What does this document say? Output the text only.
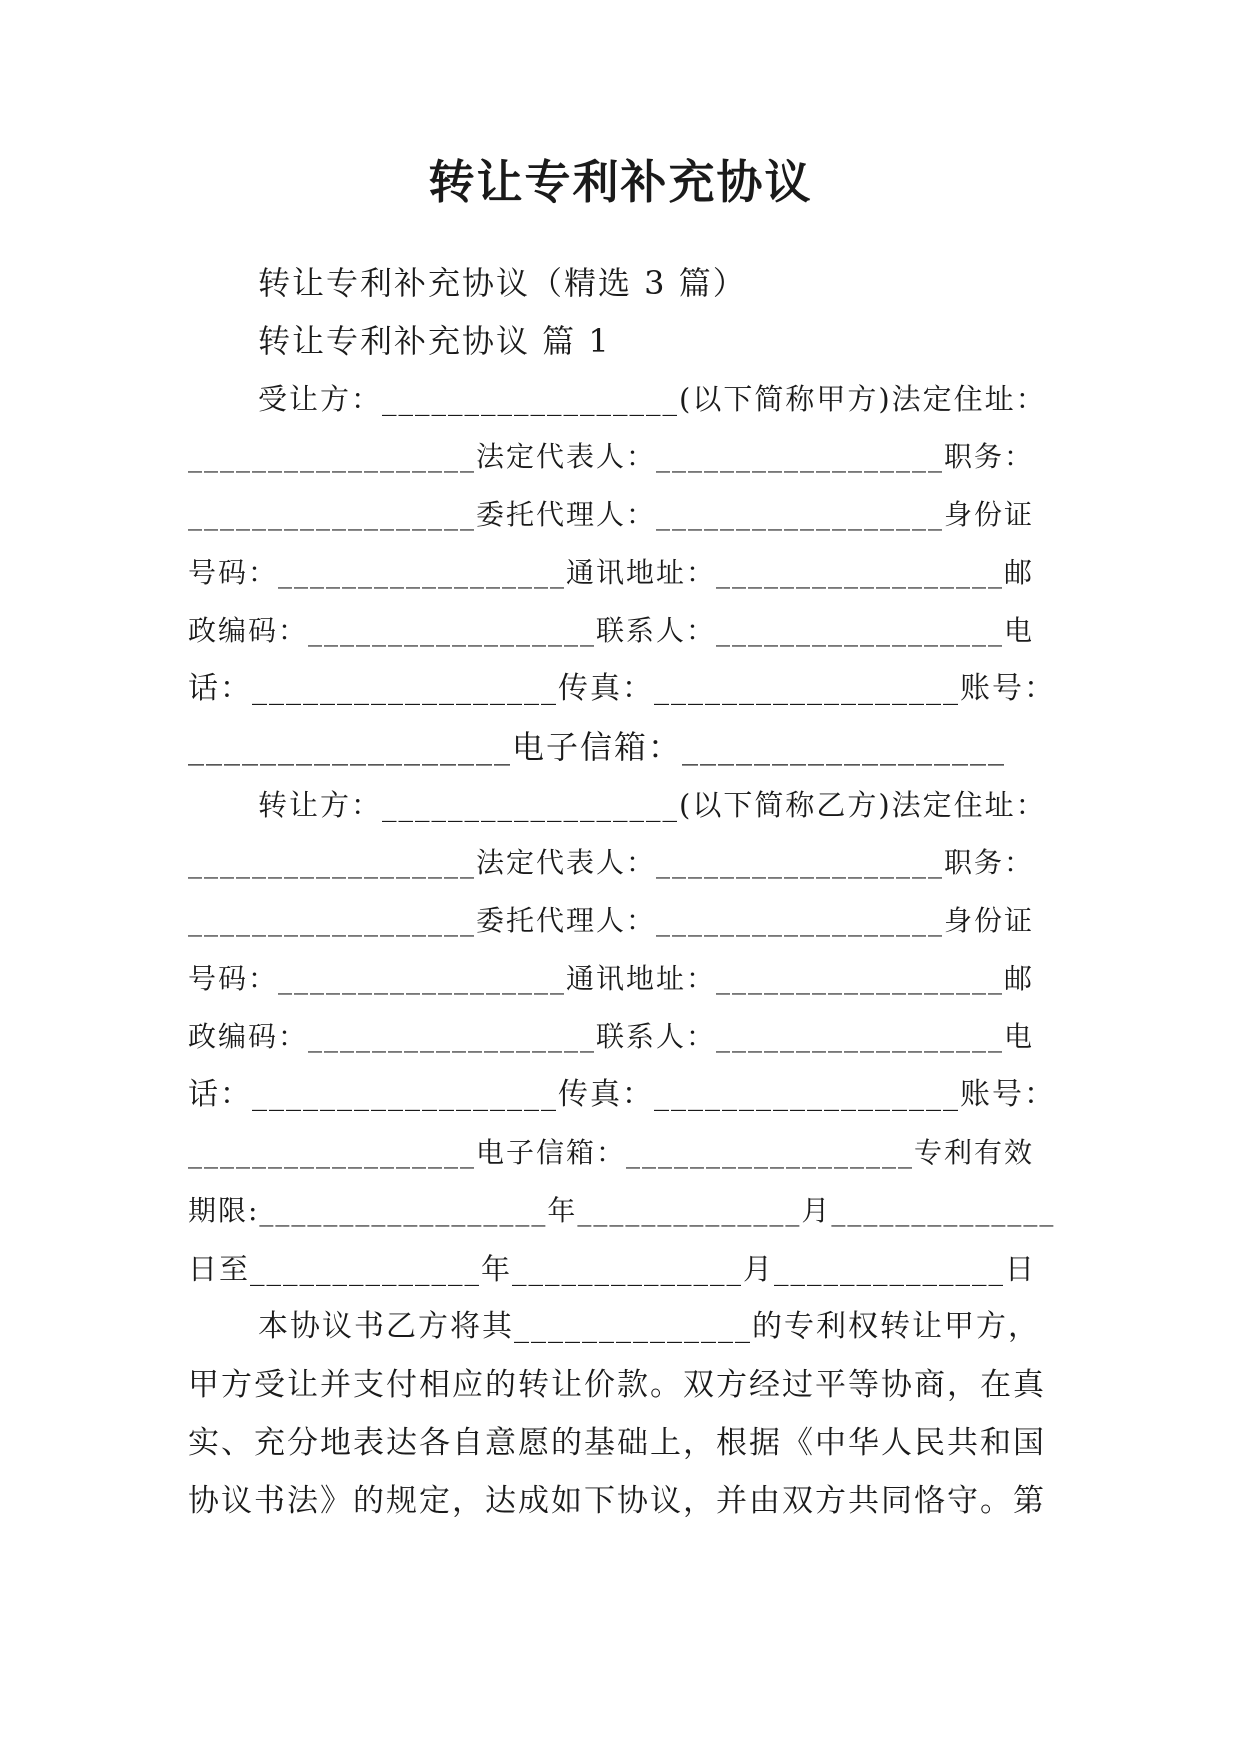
转让专利补充协议
转让专利补充协议（精选 3 篇）
转让专利补充协议 篇 1
受让方：__________________(以下简称甲方)法定住址：
__________________法定代表人：__________________职务：
__________________委托代理人：__________________身份证
号码：__________________通讯地址：__________________邮
政编码：__________________联系人：__________________电
话：__________________传真：__________________账号：
__________________电子信箱：__________________
转让方：__________________(以下简称乙方)法定住址：
__________________法定代表人：__________________职务：
__________________委托代理人：__________________身份证
号码：__________________通讯地址：__________________邮
政编码：__________________联系人：__________________电
话：__________________传真：__________________账号：
__________________电子信箱：__________________专利有效
期限:__________________年______________月______________
日至______________年______________月______________日
本协议书乙方将其______________的专利权转让甲方，
甲方受让并支付相应的转让价款。双方经过平等协商，在真
实、充分地表达各自意愿的基础上，根据《中华人民共和国
协议书法》的规定，达成如下协议，并由双方共同恪守。第
